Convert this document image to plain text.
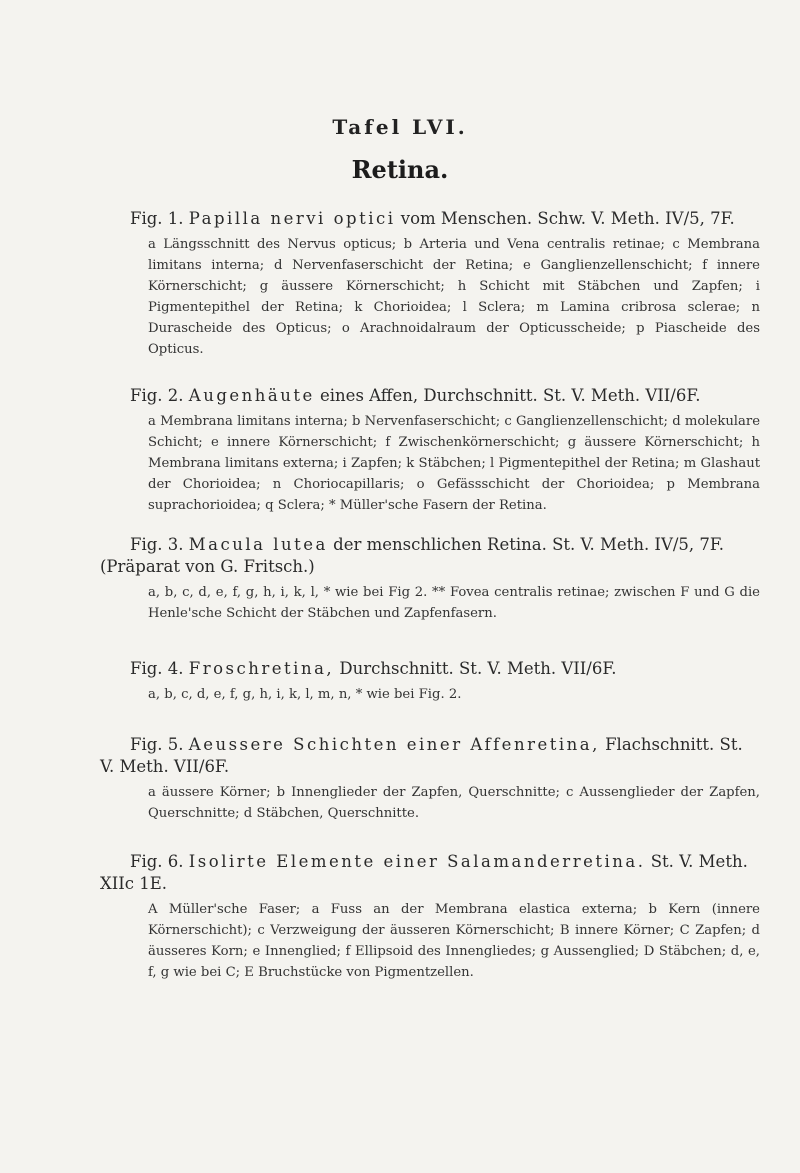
Tafel LVI.
Retina.
Fig. 1. Papilla nervi optici vom Menschen. Schw. V. Meth. IV/5, 7F.

a Längsschnitt des Nervus opticus; b Arteria und Vena centralis retinae; c Membrana limitans interna; d Nervenfaserschicht der Retina; e Ganglienzellenschicht; f innere Körnerschicht; g äussere Körnerschicht; h Schicht mit Stäbchen und Zapfen; i Pigmentepithel der Retina; k Chorioidea; l Sclera; m Lamina cribrosa sclerae; n Durascheide des Opticus; o Arachnoidalraum der Opticusscheide; p Piascheide des Opticus.

Fig. 2. Augenhäute eines Affen, Durchschnitt. St. V. Meth. VII/6F.

a Membrana limitans interna; b Nervenfaserschicht; c Ganglienzellenschicht; d molekulare Schicht; e innere Körnerschicht; f Zwischenkörnerschicht; g äussere Körnerschicht; h Membrana limitans externa; i Zapfen; k Stäbchen; l Pigmentepithel der Retina; m Glashaut der Chorioidea; n Choriocapillaris; o Gefässschicht der Chorioidea; p Membrana suprachorioidea; q Sclera; * Müller'sche Fasern der Retina.

Fig. 3. Macula lutea der menschlichen Retina. St. V. Meth. IV/5, 7F. (Präparat von G. Fritsch.)

a, b, c, d, e, f, g, h, i, k, l, * wie bei Fig 2. ** Fovea centralis retinae; zwischen F und G die Henle'sche Schicht der Stäbchen und Zapfenfasern.

Fig. 4. Froschretina, Durchschnitt. St. V. Meth. VII/6F.

a, b, c, d, e, f, g, h, i, k, l, m, n, * wie bei Fig. 2.

Fig. 5. Aeussere Schichten einer Affenretina, Flachschnitt. St. V. Meth. VII/6F.

a äussere Körner; b Innenglieder der Zapfen, Querschnitte; c Aussenglieder der Zapfen, Querschnitte; d Stäbchen, Querschnitte.

Fig. 6. Isolirte Elemente einer Salamanderretina. St. V. Meth. XIIc 1E.

A Müller'sche Faser; a Fuss an der Membrana elastica externa; b Kern (innere Körnerschicht); c Verzweigung der äusseren Körnerschicht; B innere Körner; C Zapfen; d äusseres Korn; e Innenglied; f Ellipsoid des Innengliedes; g Aussenglied; D Stäbchen; d, e, f, g wie bei C; E Bruchstücke von Pigmentzellen.
